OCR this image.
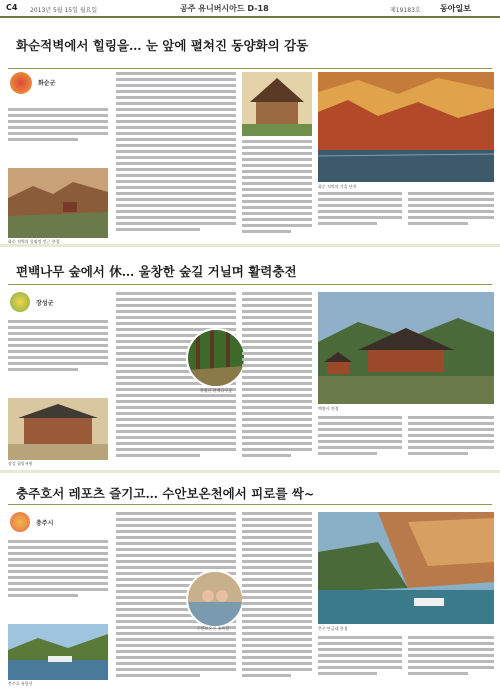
C4 2013년 5월 15일 월요일	공주 유니버시아드 D-18	제19183호 동아일보
화순적벽에서 힐링을… 눈 앞에 펼쳐진 동양화의 감동
화순군
화순 적벽과 물염정 인근 풍경
화순 적벽의 가을 단풍
편백나무 숲에서 休… 울창한 숲길 거닐며 활력충전
장성군
장성 필암서원
축령산 편백나무숲
백양사 전경
충주호서 레포츠 즐기고… 수안보온천에서 피로를 싹~
충주시
충주호 유람선
수안보온천 족욕장	충주 탄금대 풍경
